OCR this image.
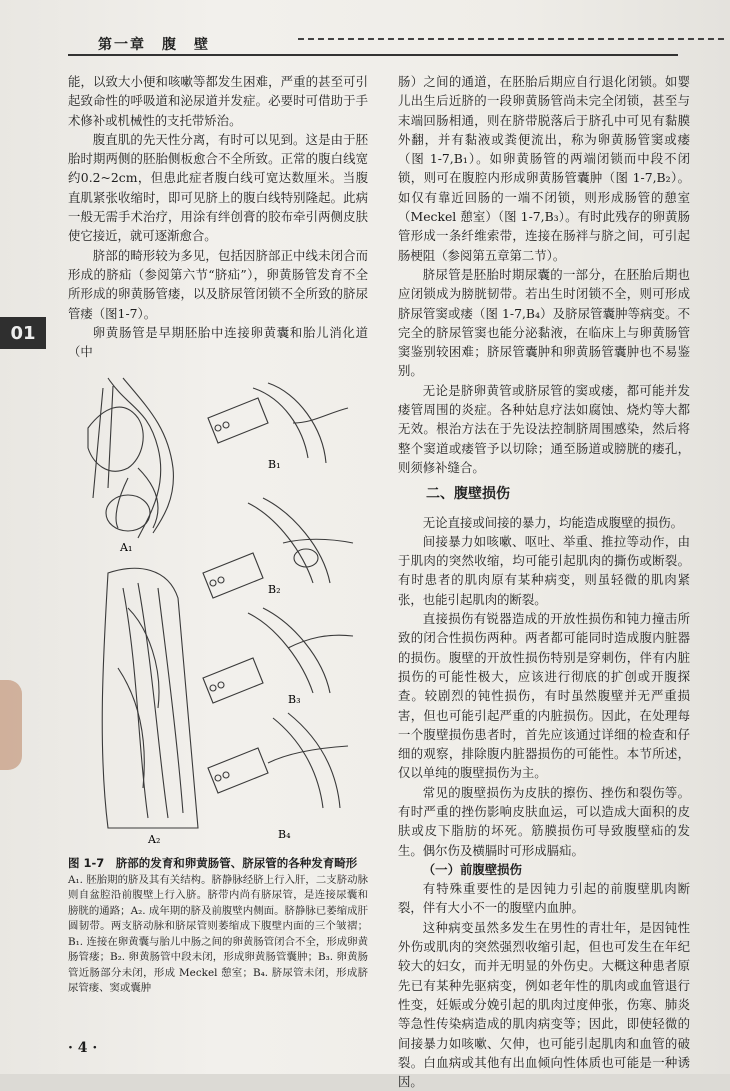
第一章　腹　壁
01

能，以致大小便和咳嗽等都发生困难，严重的甚至可引起致命性的呼吸道和泌尿道并发症。必要时可借助于手术修补或机械性的支托带矫治。

腹直肌的先天性分离，有时可以见到。这是由于胚胎时期两侧的胚胎侧板愈合不全所致。正常的腹白线宽约0.2~2cm，但患此症者腹白线可宽达数厘米。当腹直肌紧张收缩时，即可见脐上的腹白线特别隆起。此病一般无需手术治疗，用涂有绊创膏的胶布牵引两侧皮肤使它接近，就可逐渐愈合。

脐部的畸形较为多见，包括因脐部正中线未闭合而形成的脐疝（参阅第六节“脐疝”），卵黄肠管发育不全所形成的卵黄肠管瘘，以及脐尿管闭锁不全所致的脐尿管瘘（图1-7）。

卵黄肠管是早期胚胎中连接卵黄囊和胎儿消化道（中

A₁
A₂
B₁
B₂
B₃
B₄
图 1-7　脐部的发育和卵黄肠管、脐尿管的各种发育畸形
A₁. 胚胎期的脐及其有关结构。脐静脉经脐上行入肝，二支脐动脉则自盆腔沿前腹壁上行入脐。脐带内尚有脐尿管，是连接尿囊和膀胱的通路；A₂. 成年期的脐及前腹壁内侧面。脐静脉已萎缩成肝圆韧带。两支脐动脉和脐尿管则萎缩成下腹壁内面的三个皱褶；B₁. 连接在卵黄囊与胎儿中肠之间的卵黄肠管闭合不全，形成卵黄肠管瘘；B₂. 卵黄肠管中段未闭，形成卵黄肠管囊肿；B₃. 卵黄肠管近肠部分未闭，形成 Meckel 憩室；B₄. 脐尿管未闭，形成脐尿管瘘、窦或囊肿

肠）之间的通道，在胚胎后期应自行退化闭锁。如婴儿出生后近脐的一段卵黄肠管尚未完全闭锁，甚至与末端回肠相通，则在脐带脱落后于脐孔中可见有黏膜外翻，并有黏液或粪便流出，称为卵黄肠管窦或瘘（图 1-7,B₁）。如卵黄肠管的两端闭锁而中段不闭锁，则可在腹腔内形成卵黄肠管囊肿（图 1-7,B₂）。如仅有靠近回肠的一端不闭锁，则形成肠管的憩室（Meckel 憩室）（图 1-7,B₃）。有时此残存的卵黄肠管形成一条纤维索带，连接在肠袢与脐之间，可引起肠梗阻（参阅第五章第二节）。

脐尿管是胚胎时期尿囊的一部分，在胚胎后期也应闭锁成为膀胱韧带。若出生时闭锁不全，则可形成脐尿管窦或瘘（图 1-7,B₄）及脐尿管囊肿等病变。不完全的脐尿管窦也能分泌黏液，在临床上与卵黄肠管窦鉴别较困难；脐尿管囊肿和卵黄肠管囊肿也不易鉴别。

无论是脐卵黄管或脐尿管的窦或瘘，都可能并发瘘管周围的炎症。各种姑息疗法如腐蚀、烧灼等大都无效。根治方法在于先设法控制脐周围感染，然后将整个窦道或瘘管予以切除；通至肠道或膀胱的瘘孔，则须修补缝合。

二、腹壁损伤

无论直接或间接的暴力，均能造成腹壁的损伤。

间接暴力如咳嗽、呕吐、举重、推拉等动作，由于肌肉的突然收缩，均可能引起肌肉的撕伤或断裂。有时患者的肌肉原有某种病变，则虽轻微的肌肉紧张，也能引起肌肉的断裂。

直接损伤有锐器造成的开放性损伤和钝力撞击所致的闭合性损伤两种。两者都可能同时造成腹内脏器的损伤。腹壁的开放性损伤特别是穿刺伤，伴有内脏损伤的可能性极大，应该进行彻底的扩创或开腹探查。较剧烈的钝性损伤，有时虽然腹壁并无严重损害，但也可能引起严重的内脏损伤。因此，在处理每一个腹壁损伤患者时，首先应该通过详细的检查和仔细的观察，排除腹内脏器损伤的可能性。本节所述，仅以单纯的腹壁损伤为主。

常见的腹壁损伤为皮肤的擦伤、挫伤和裂伤等。有时严重的挫伤影响皮肤血运，可以造成大面积的皮肤或皮下脂肪的坏死。筋膜损伤可导致腹壁疝的发生。偶尔伤及横膈时可形成膈疝。

（一）前腹壁损伤

有特殊重要性的是因钝力引起的前腹壁肌肉断裂，伴有大小不一的腹壁内血肿。

这种病变虽然多发生在男性的青壮年，是因钝性外伤或肌肉的突然强烈收缩引起，但也可发生在年纪较大的妇女，而并无明显的外伤史。大概这种患者原先已有某种先驱病变，例如老年性的肌肉或血管退行性变，妊娠或分娩引起的肌肉过度伸张，伤寒、肺炎等急性传染病造成的肌肉病变等；因此，即使轻微的间接暴力如咳嗽、欠伸，也可能引起肌肉和血管的破裂。白血病或其他有出血倾向性体质也可能是一种诱因。

· 4 ·
